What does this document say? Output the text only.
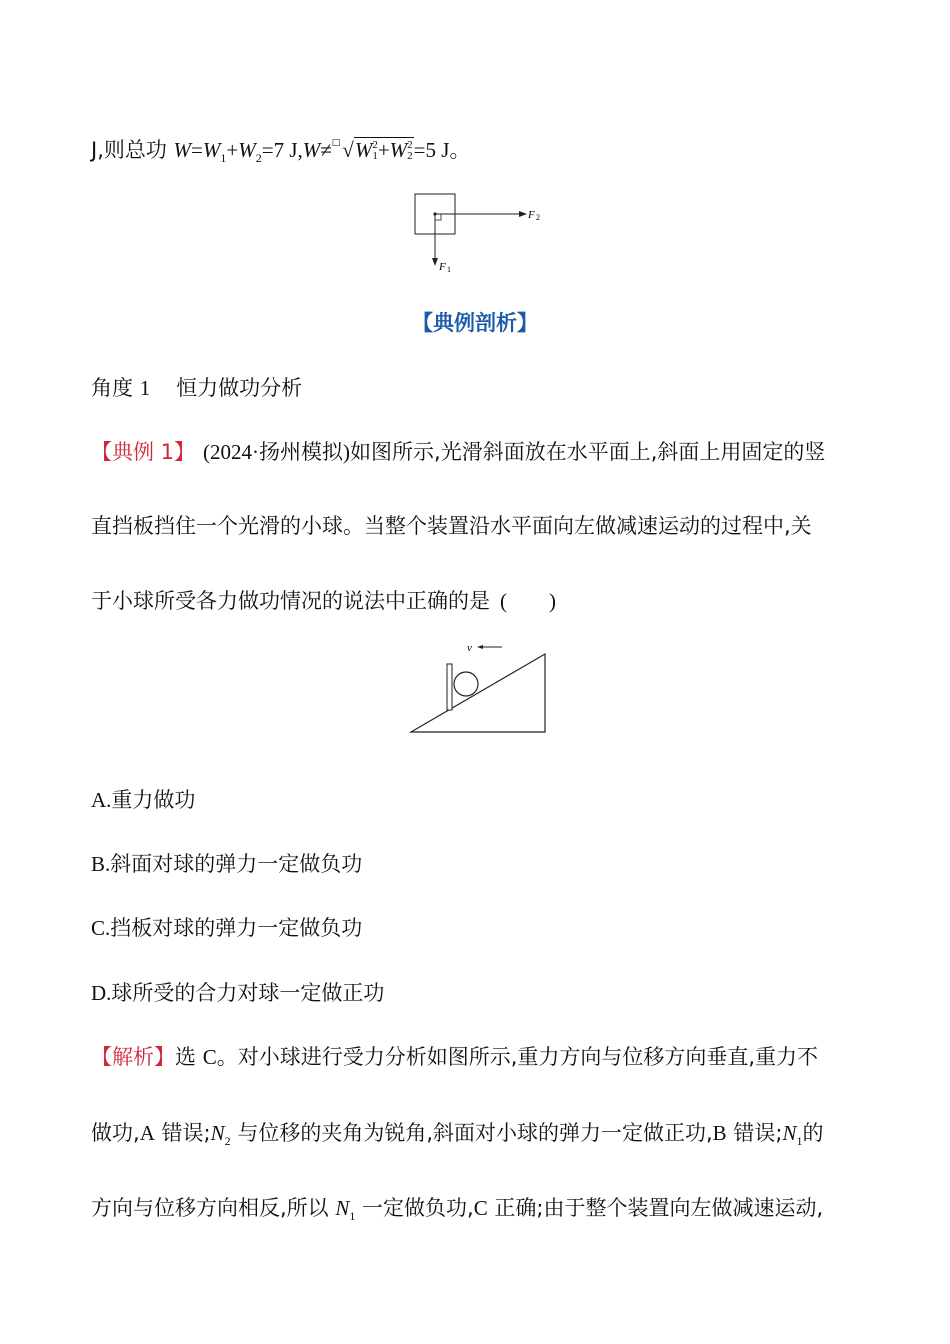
J,则总功 $W=W_1+W_2=7$ J,W≠□√W 2
1 +W 2
2 =5 J。
F 2
F 1
【典例剖析】
角度 1 恒力做功分析
【典例 1】 (2024·扬州模拟)如图所示,光滑斜面放在水平面上,斜面上用固定的竖
直挡板挡住一个光滑的小球。当整个装置沿水平面向左做减速运动的过程中,关
于小球所受各力做功情况的说法中正确的是 (　　)
v
A.重力做功
B.斜面对球的弹力一定做负功
C.挡板对球的弹力一定做负功
D.球所受的合力对球一定做正功
【解析】选 C。对小球进行受力分析如图所示,重力方向与位移方向垂直,重力不
做功,A 错误$;N_2$ 与位移的夹角为锐角,斜面对小球的弹力一定做正功,B 错误$;N_1$的
方向与位移方向相反,所以 $N_1$ 一定做负功,C 正确;由于整个装置向左做减速运动,
